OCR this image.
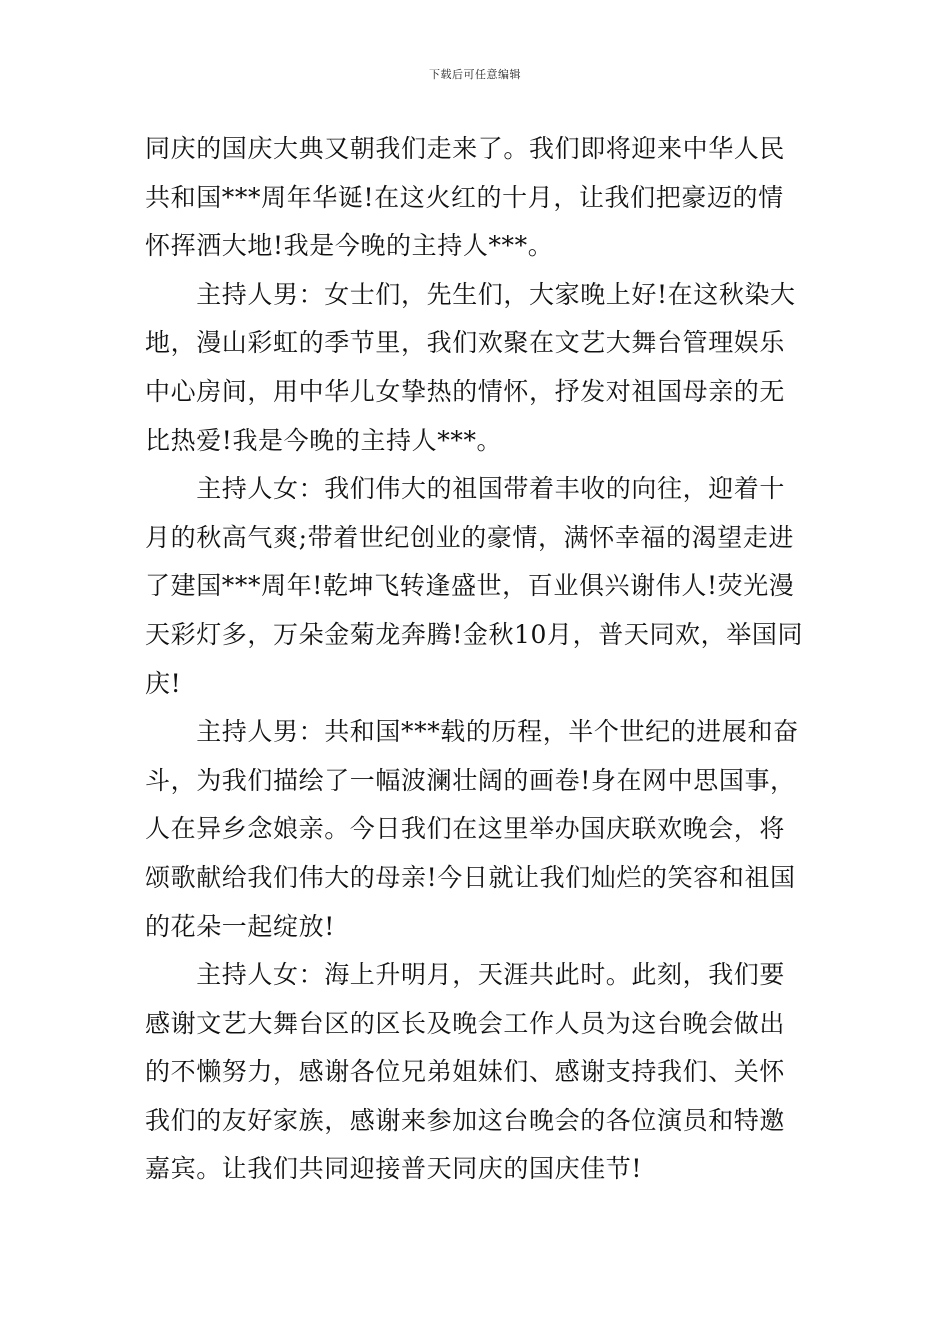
下载后可任意编辑
同庆的国庆大典又朝我们走来了。我们即将迎来中华人民
共和国***周年华诞!在这火红的十月，让我们把豪迈的情
怀挥洒大地!我是今晚的主持人***。
　　主持人男：女士们，先生们，大家晚上好!在这秋染大
地，漫山彩虹的季节里，我们欢聚在文艺大舞台管理娱乐
中心房间，用中华儿女挚热的情怀，抒发对祖国母亲的无
比热爱!我是今晚的主持人***。
　　主持人女：我们伟大的祖国带着丰收的向往，迎着十
月的秋高气爽;带着世纪创业的豪情，满怀幸福的渴望走进
了建国***周年!乾坤飞转逢盛世，百业俱兴谢伟人!荧光漫
天彩灯多，万朵金菊龙奔腾!金秋10月，普天同欢，举国同
庆!
　　主持人男：共和国***载的历程，半个世纪的进展和奋
斗，为我们描绘了一幅波澜壮阔的画卷!身在网中思国事，
人在异乡念娘亲。今日我们在这里举办国庆联欢晚会，将
颂歌献给我们伟大的母亲!今日就让我们灿烂的笑容和祖国
的花朵一起绽放!
　　主持人女：海上升明月，天涯共此时。此刻，我们要
感谢文艺大舞台区的区长及晚会工作人员为这台晚会做出
的不懒努力，感谢各位兄弟姐妹们、感谢支持我们、关怀
我们的友好家族，感谢来参加这台晚会的各位演员和特邀
嘉宾。让我们共同迎接普天同庆的国庆佳节!
